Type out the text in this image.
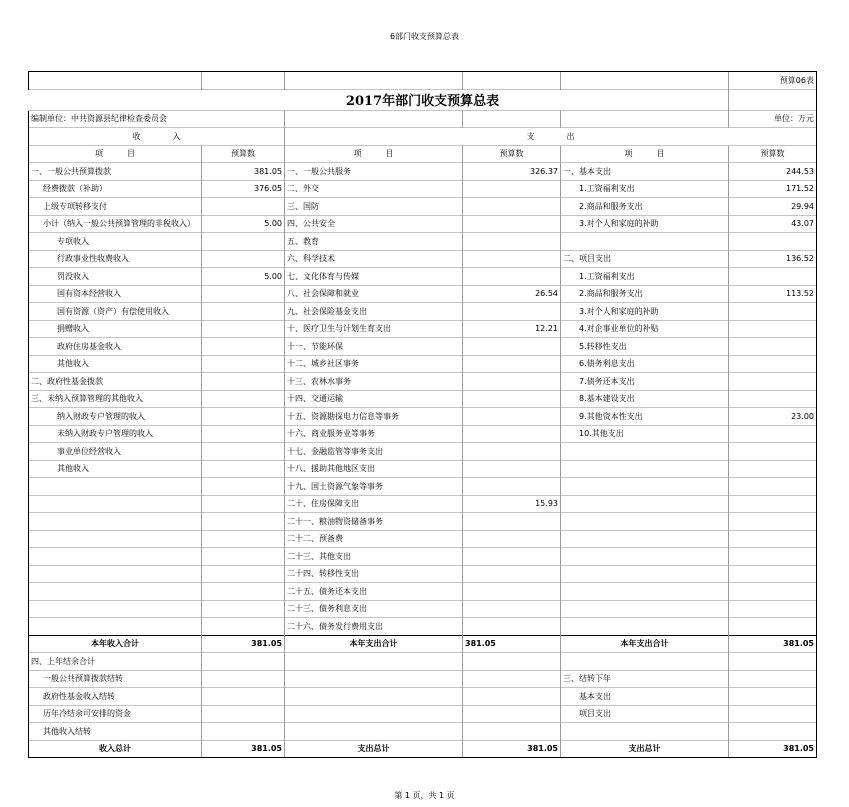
6部门收支预算总表
					预算06表
		2017年部门收支预算总表			
编制单位：中共资源县纪律检查委员会					单位：万元
收　　　　入		支　　　　出			
项　　　目	预算数	项　　　目	预算数	项　　　目	预算数
一、一般公共预算拨款	381.05	一、一般公共服务	326.37	一、基本支出	244.53
经费拨款（补助）	376.05	二、外交		1.工资福利支出	171.52
上级专项转移支付		三、国防		2.商品和服务支出	29.94
小计（纳入一般公共预算管理的非税收入）	5.00	四、公共安全		3.对个人和家庭的补助	43.07
专项收入		五、教育			
行政事业性收费收入		六、科学技术		二、项目支出	136.52
罚没收入	5.00	七、文化体育与传媒		1.工资福利支出	
国有资本经营收入		八、社会保障和就业	26.54	2.商品和服务支出	113.52
国有资源（资产）有偿使用收入		九、社会保险基金支出		3.对个人和家庭的补助	
捐赠收入		十、医疗卫生与计划生育支出	12.21	4.对企事业单位的补贴	
政府住房基金收入		十一、节能环保		5.转移性支出	
其他收入		十二、城乡社区事务		6.债务利息支出	
二、政府性基金拨款		十三、农林水事务		7.债务还本支出	
三、未纳入预算管理的其他收入		十四、交通运输		8.基本建设支出	
纳入财政专户管理的收入		十五、资源勘探电力信息等事务		9.其他资本性支出	23.00
未纳入财政专户管理的收入		十六、商业服务业等事务		10.其他支出	
事业单位经营收入		十七、金融监管等事务支出			
其他收入		十八、援助其他地区支出			
		十九、国土资源气象等事务			
		二十、住房保障支出	15.93		
		二十一、粮油物资储备事务			
		二十二、预备费			
		二十三、其他支出			
		二十四、转移性支出			
		二十五、债务还本支出			
		二十三、债务利息支出			
		二十六、债务发行费用支出			
本年收入合计	381.05	本年支出合计	381.05	本年支出合计	381.05
四、上年结余合计					
一般公共预算拨款结转				三、结转下年	
政府性基金收入结转				基本支出	
历年冷结余可安排的资金				项目支出	
其他收入结转					
收入总计	381.05	支出总计	381.05	支出总计	381.05
第 1 页，共 1 页
